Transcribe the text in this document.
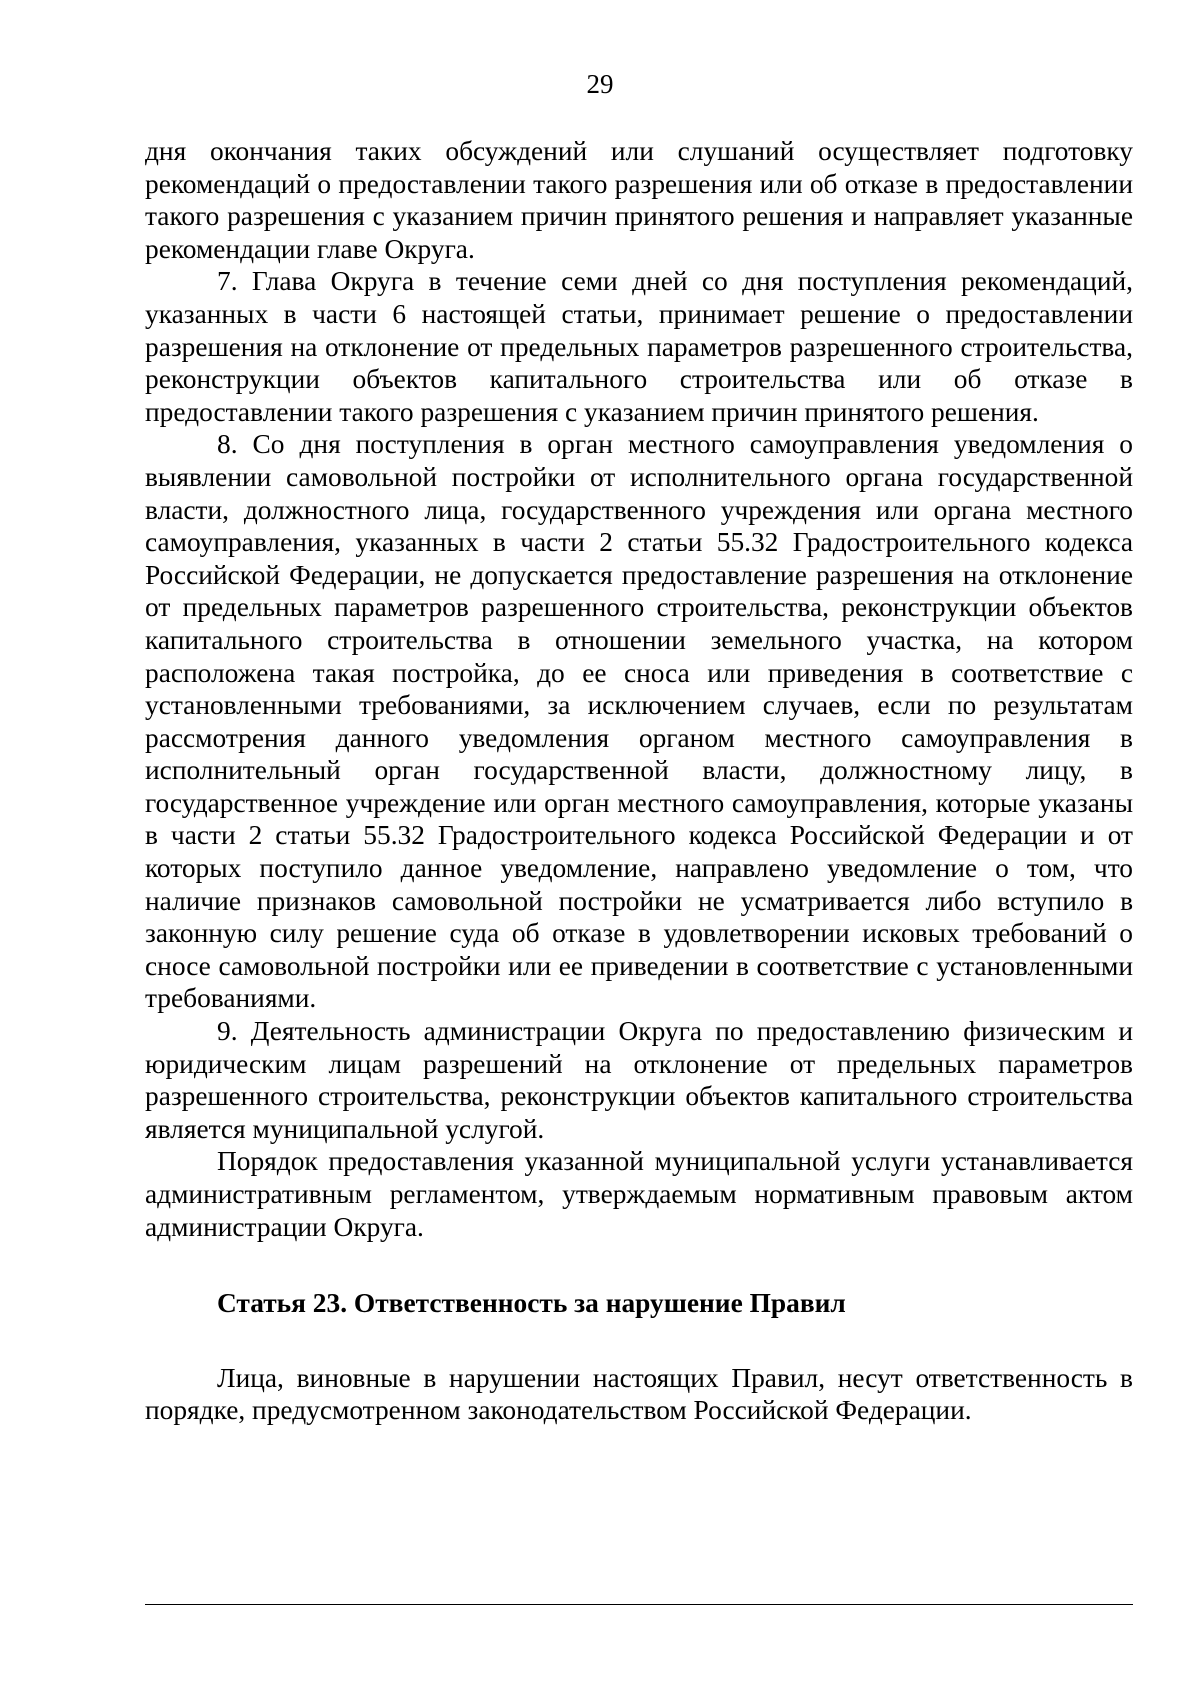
29

дня окончания таких обсуждений или слушаний осуществляет подготовку рекомендаций о предоставлении такого разрешения или об отказе в предоставлении такого разрешения с указанием причин принятого решения и направляет указанные рекомендации главе Округа.

7. Глава Округа в течение семи дней со дня поступления рекомендаций, указанных в части 6 настоящей статьи, принимает решение о предоставлении разрешения на отклонение от предельных параметров разрешенного строительства, реконструкции объектов капитального строительства или об отказе в предоставлении такого разрешения с указанием причин принятого решения.

8. Со дня поступления в орган местного самоуправления уведомления о выявлении самовольной постройки от исполнительного органа государственной власти, должностного лица, государственного учреждения или органа местного самоуправления, указанных в части 2 статьи 55.32 Градостроительного кодекса Российской Федерации, не допускается предоставление разрешения на отклонение от предельных параметров разрешенного строительства, реконструкции объектов капитального строительства в отношении земельного участка, на котором расположена такая постройка, до ее сноса или приведения в соответствие с установленными требованиями, за исключением случаев, если по результатам рассмотрения данного уведомления органом местного самоуправления в исполнительный орган государственной власти, должностному лицу, в государственное учреждение или орган местного самоуправления, которые указаны в части 2 статьи 55.32 Градостроительного кодекса Российской Федерации и от которых поступило данное уведомление, направлено уведомление о том, что наличие признаков самовольной постройки не усматривается либо вступило в законную силу решение суда об отказе в удовлетворении исковых требований о сносе самовольной постройки или ее приведении в соответствие с установленными требованиями.

9. Деятельность администрации Округа по предоставлению физическим и юридическим лицам разрешений на отклонение от предельных параметров разрешенного строительства, реконструкции объектов капитального строительства является муниципальной услугой.

Порядок предоставления указанной муниципальной услуги устанавливается административным регламентом, утверждаемым нормативным правовым актом администрации Округа.

Статья 23. Ответственность за нарушение Правил

Лица, виновные в нарушении настоящих Правил, несут ответственность в порядке, предусмотренном законодательством Российской Федерации.
